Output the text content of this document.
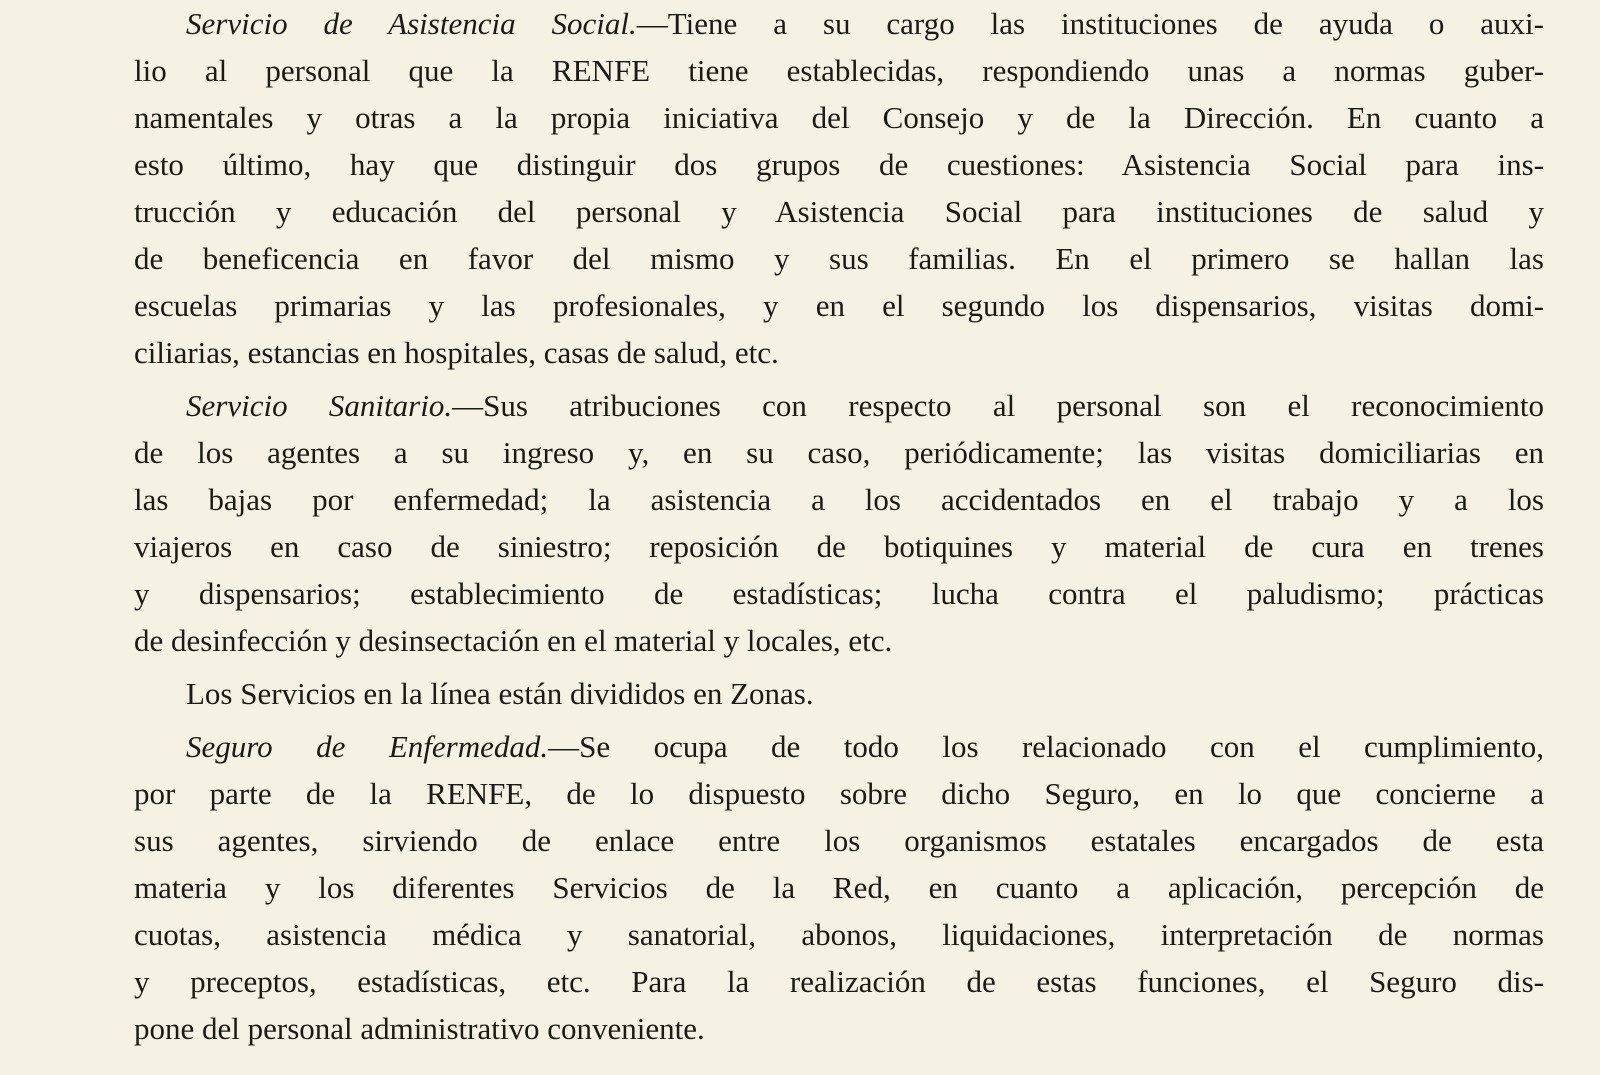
Servicio de Asistencia Social.—Tiene a su cargo las instituciones de ayuda o auxi-
lio al personal que la RENFE tiene establecidas, respondiendo unas a normas guber-
namentales y otras a la propia iniciativa del Consejo y de la Dirección. En cuanto a
esto último, hay que distinguir dos grupos de cuestiones: Asistencia Social para ins-
trucción y educación del personal y Asistencia Social para instituciones de salud y
de beneficencia en favor del mismo y sus familias. En el primero se hallan las
escuelas primarias y las profesionales, y en el segundo los dispensarios, visitas domi-
ciliarias, estancias en hospitales, casas de salud, etc.

Servicio Sanitario.—Sus atribuciones con respecto al personal son el reconocimiento
de los agentes a su ingreso y, en su caso, periódicamente; las visitas domiciliarias en
las bajas por enfermedad; la asistencia a los accidentados en el trabajo y a los
viajeros en caso de siniestro; reposición de botiquines y material de cura en trenes
y dispensarios; establecimiento de estadísticas; lucha contra el paludismo; prácticas
de desinfección y desinsectación en el material y locales, etc.

Los Servicios en la línea están divididos en Zonas.

Seguro de Enfermedad.—Se ocupa de todo los relacionado con el cumplimiento,
por parte de la RENFE, de lo dispuesto sobre dicho Seguro, en lo que concierne a
sus agentes, sirviendo de enlace entre los organismos estatales encargados de esta
materia y los diferentes Servicios de la Red, en cuanto a aplicación, percepción de
cuotas, asistencia médica y sanatorial, abonos, liquidaciones, interpretación de normas
y preceptos, estadísticas, etc. Para la realización de estas funciones, el Seguro dis-
pone del personal administrativo conveniente.
